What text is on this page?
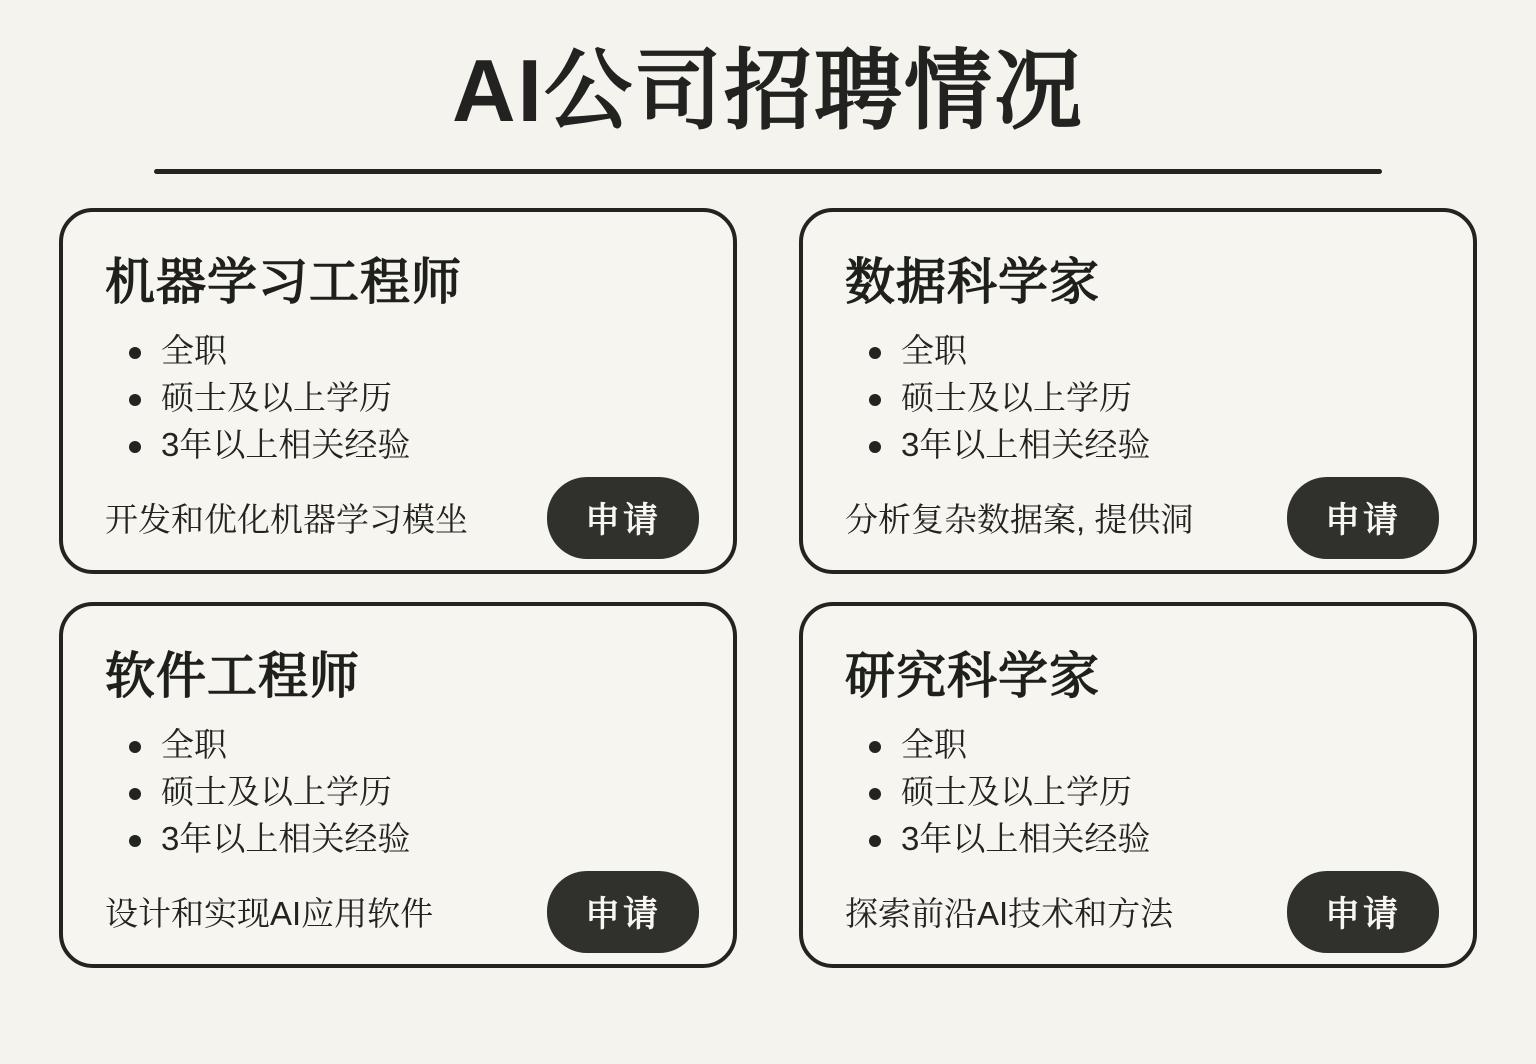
AI公司招聘情况
机器学习工程师
全职
硕士及以上学历
3年以上相关经验
开发和优化机器学习模坐	申请
数据科学家
全职
硕士及以上学历
3年以上相关经验
分析复杂数据案, 提供洞	申请
软件工程师
全职
硕士及以上学历
3年以上相关经验
设计和实现AI应用软件	申请
研究科学家
全职
硕士及以上学历
3年以上相关经验
探索前沿AI技术和方法	申请
